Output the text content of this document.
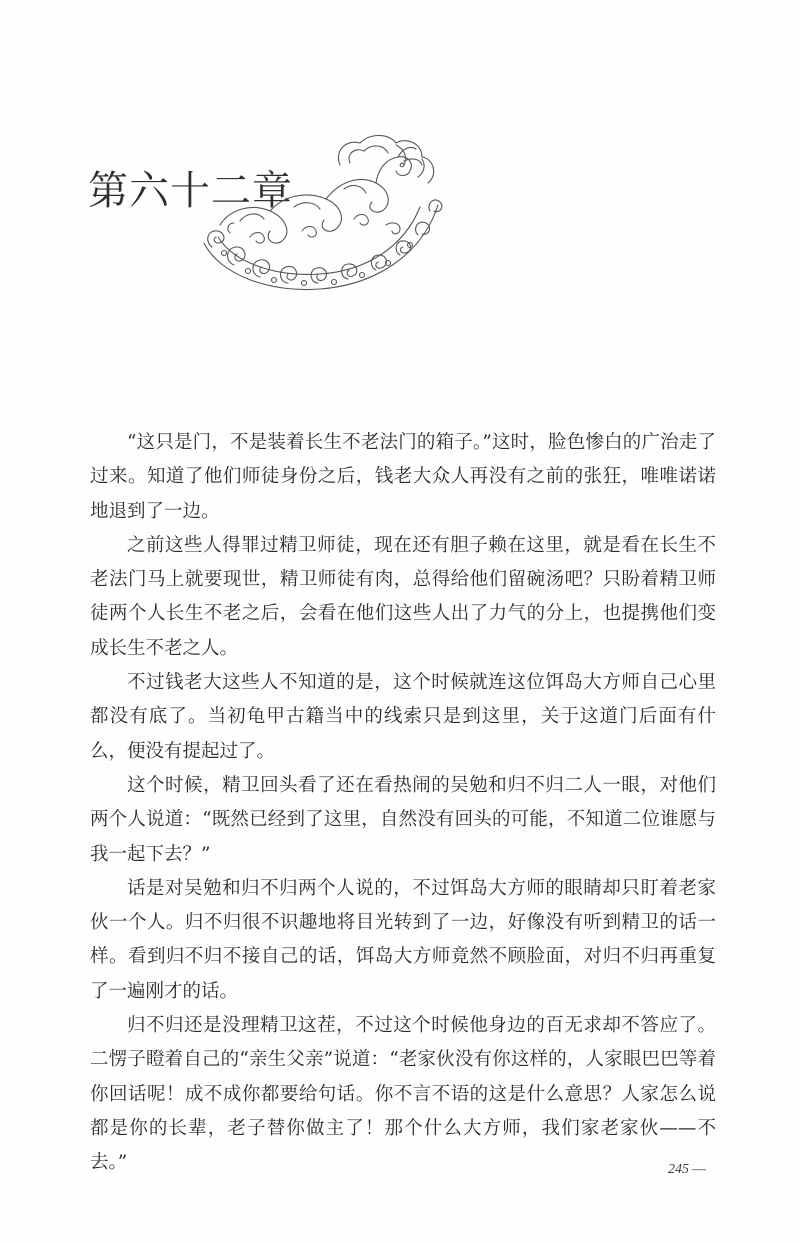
第六十二章

“这只是门，不是装着长生不老法门的箱子。”这时，脸色惨白的广治走了过来。知道了他们师徒身份之后，钱老大众人再没有之前的张狂，唯唯诺诺地退到了一边。

之前这些人得罪过精卫师徒，现在还有胆子赖在这里，就是看在长生不老法门马上就要现世，精卫师徒有肉，总得给他们留碗汤吧？只盼着精卫师徒两个人长生不老之后，会看在他们这些人出了力气的分上，也提携他们变成长生不老之人。

不过钱老大这些人不知道的是，这个时候就连这位饵岛大方师自己心里都没有底了。当初龟甲古籍当中的线索只是到这里，关于这道门后面有什么，便没有提起过了。

这个时候，精卫回头看了还在看热闹的吴勉和归不归二人一眼，对他们两个人说道：“既然已经到了这里，自然没有回头的可能，不知道二位谁愿与我一起下去？”

话是对吴勉和归不归两个人说的，不过饵岛大方师的眼睛却只盯着老家伙一个人。归不归很不识趣地将目光转到了一边，好像没有听到精卫的话一样。看到归不归不接自己的话，饵岛大方师竟然不顾脸面，对归不归再重复了一遍刚才的话。

归不归还是没理精卫这茬，不过这个时候他身边的百无求却不答应了。二愣子瞪着自己的“亲生父亲”说道：“老家伙没有你这样的，人家眼巴巴等着你回话呢！成不成你都要给句话。你不言不语的这是什么意思？人家怎么说都是你的长辈，老子替你做主了！那个什么大方师，我们家老家伙——不去。”	245 —
